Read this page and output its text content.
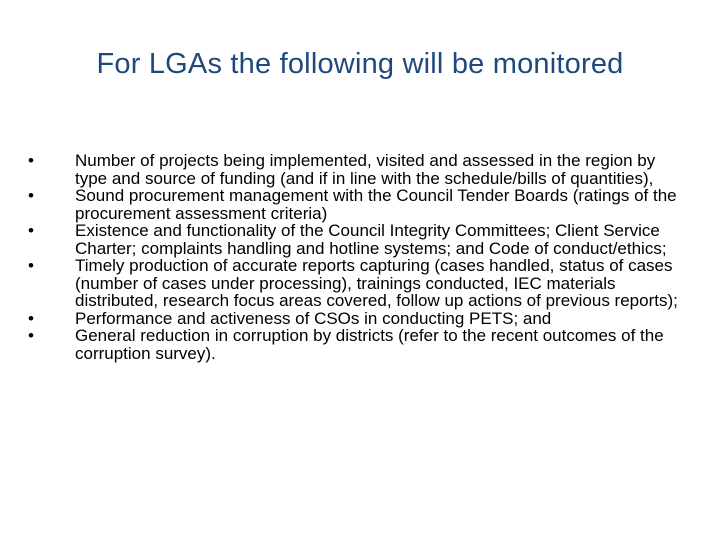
For LGAs the following will be monitored
•	Number of projects being implemented, visited and assessed in the region by type and source of funding (and if in line with the schedule/bills of quantities),
•	Sound procurement management with the Council Tender Boards (ratings of the procurement assessment criteria)
•	Existence and functionality of the Council Integrity Committees; Client Service Charter; complaints handling and hotline systems; and Code of conduct/ethics;
•	Timely production of accurate reports capturing (cases handled, status of cases (number of cases under processing), trainings conducted, IEC materials distributed, research focus areas covered, follow up actions of previous reports);
•	Performance and activeness of CSOs in conducting PETS; and
•	General reduction in corruption by districts (refer to the recent outcomes of the corruption survey).
